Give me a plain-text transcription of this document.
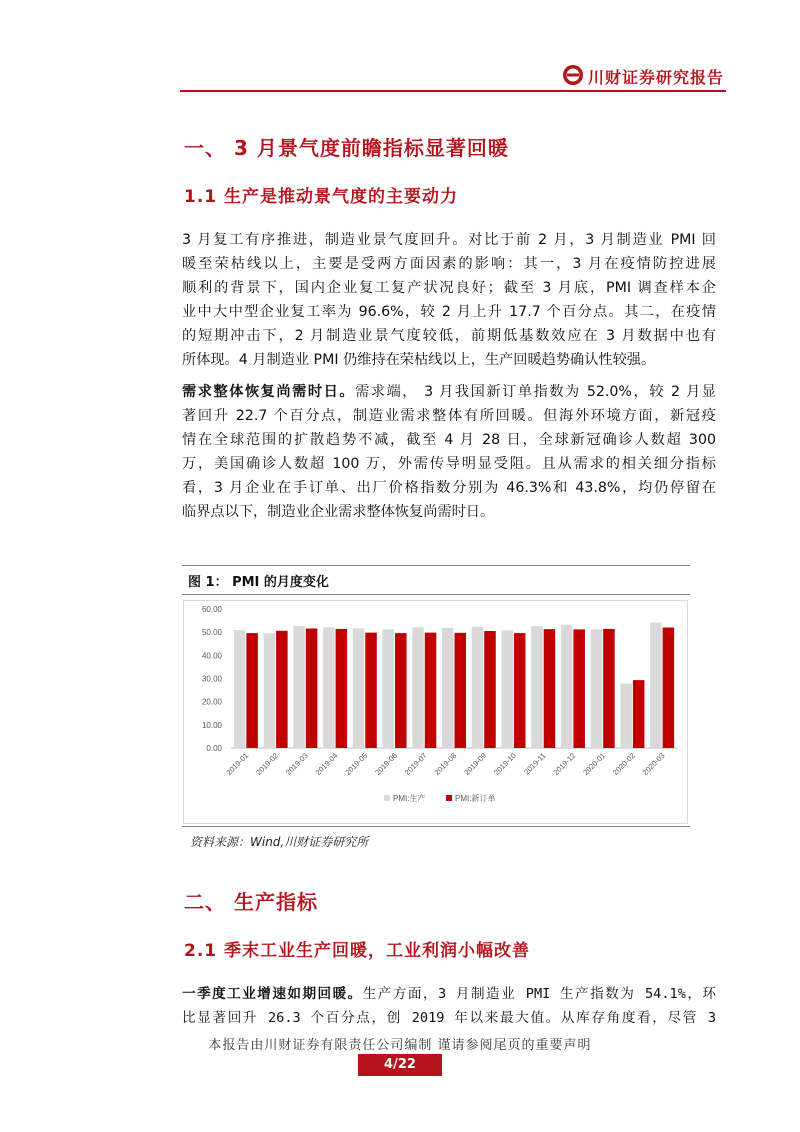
川财证券研究报告
一、 3 月景气度前瞻指标显著回暖
1.1 生产是推动景气度的主要动力
3 月复工有序推进，制造业景气度回升。对比于前 2 月，3 月制造业 PMI 回
暖至荣枯线以上，主要是受两方面因素的影响：其一，3 月在疫情防控进展
顺利的背景下，国内企业复工复产状况良好；截至 3 月底，PMI 调查样本企
业中大中型企业复工率为 96.6%，较 2 月上升 17.7 个百分点。其二，在疫情
的短期冲击下，2 月制造业景气度较低，前期低基数效应在 3 月数据中也有
所体现。4 月制造业 PMI 仍维持在荣枯线以上，生产回暖趋势确认性较强。
需求整体恢复尚需时日。需求端， 3 月我国新订单指数为 52.0%，较 2 月显
著回升 22.7 个百分点，制造业需求整体有所回暖。但海外环境方面，新冠疫
情在全球范围的扩散趋势不减，截至 4 月 28 日，全球新冠确诊人数超 300
万，美国确诊人数超 100 万，外需传导明显受阻。且从需求的相关细分指标
看，3 月企业在手订单、出厂价格指数分别为 46.3%和 43.8%，均仍停留在
临界点以下，制造业企业需求整体恢复尚需时日。
图 1： PMI 的月度变化
60.00
50.00
40.00
30.00
20.00
10.00
0.00
2019-01 2019-02 2019-03 2019-04 2019-05 2019-06 2019-07 2019-08 2019-09 2019-10 2019-11 2019-12 2020-01 2020-02 2020-03
PMI:生产	PMI:新订单
资料来源：Wind,川财证券研究所
二、 生产指标
2.1 季末工业生产回暖，工业利润小幅改善
一季度工业增速如期回暖。生产方面，3 月制造业 PMI 生产指数为 54.1%，环
比显著回升 26.3 个百分点，创 2019 年以来最大值。从库存角度看，尽管 3
本报告由川财证券有限责任公司编制 谨请参阅尾页的重要声明
4/22
